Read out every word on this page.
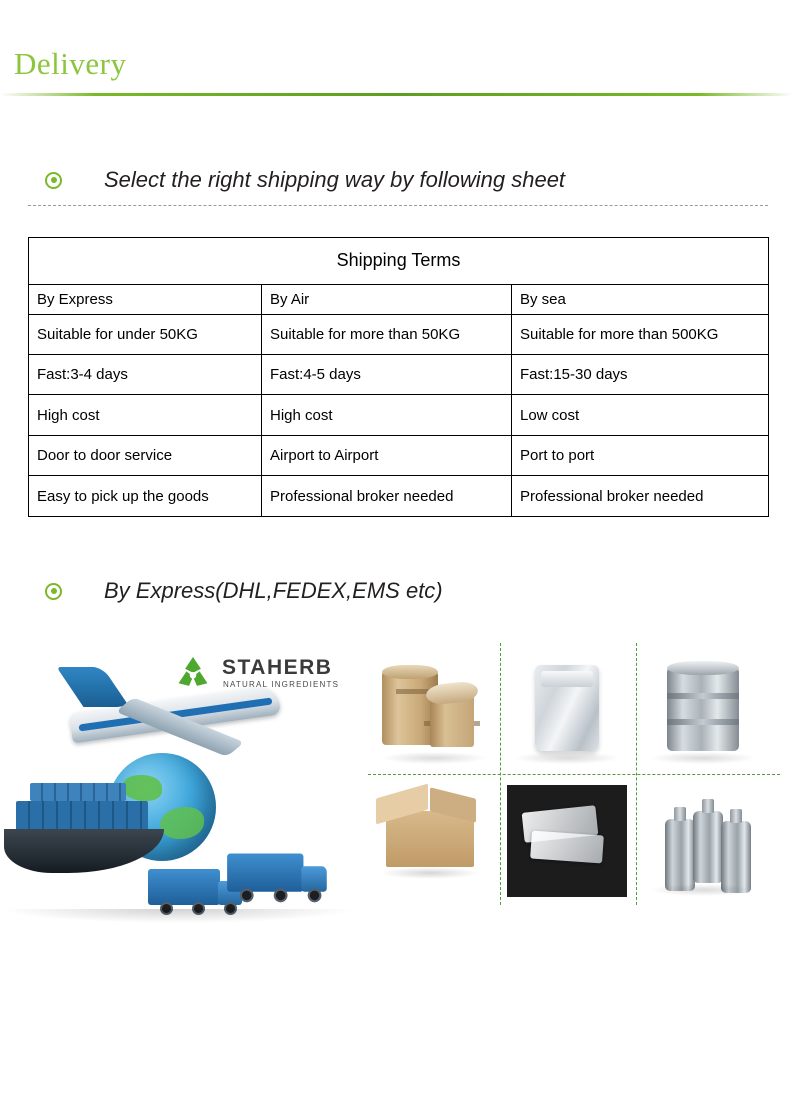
Delivery
Select the right shipping way by following sheet
Shipping Terms		
By Express	By Air	By sea
Suitable for under 50KG	Suitable for more than 50KG	Suitable for more than 500KG
Fast:3-4 days	Fast:4-5 days	Fast:15-30 days
High cost	High cost	Low cost
Door to door service	Airport to Airport	Port to port
Easy to pick up the goods	Professional broker needed	Professional broker needed
By Express(DHL,FEDEX,EMS etc)
STAHERB
NATURAL INGREDIENTS
